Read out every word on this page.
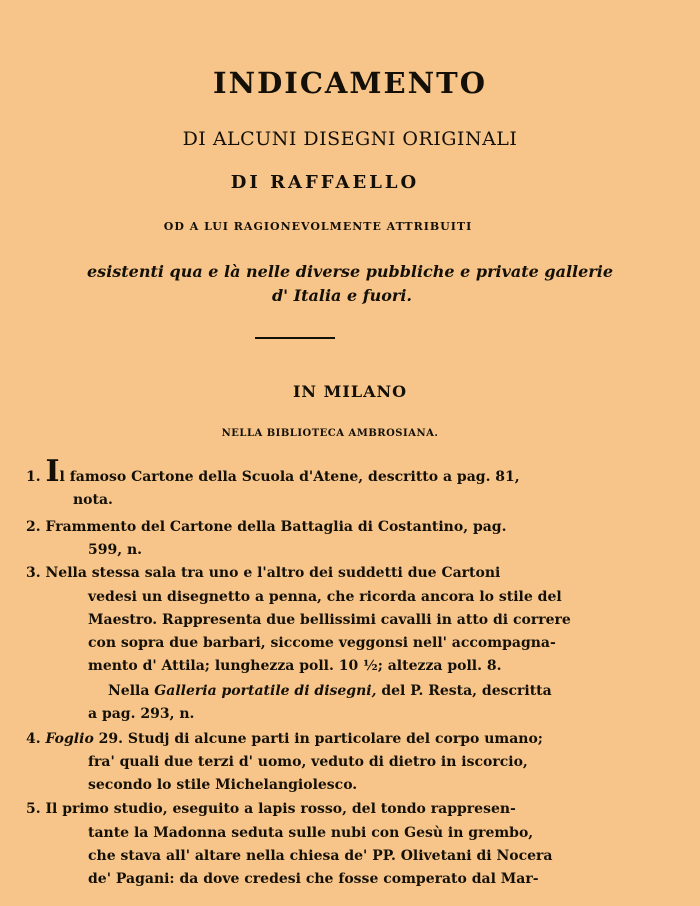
INDICAMENTO
DI ALCUNI DISEGNI ORIGINALI
DI RAFFAELLO
OD A LUI RAGIONEVOLMENTE ATTRIBUITI
esistenti qua e là nelle diverse pubbliche e private gallerie
d' Italia e fuori.
IN MILANO
NELLA BIBLIOTECA AMBROSIANA.
1. Il famoso Cartone della Scuola d'Atene, descritto a pag. 81,
nota.
2. Frammento del Cartone della Battaglia di Costantino, pag.
599, n.
3. Nella stessa sala tra uno e l'altro dei suddetti due Cartoni
vedesi un disegnetto a penna, che ricorda ancora lo stile del
Maestro. Rappresenta due bellissimi cavalli in atto di correre
con sopra due barbari, siccome veggonsi nell' accompagna-
mento d' Attila; lunghezza poll. 10 ½; altezza poll. 8.
Nella Galleria portatile di disegni, del P. Resta, descritta
a pag. 293, n.
4. Foglio 29. Studj di alcune parti in particolare del corpo umano;
fra' quali due terzi d' uomo, veduto di dietro in iscorcio,
secondo lo stile Michelangiolesco.
5. Il primo studio, eseguito a lapis rosso, del tondo rappresen-
tante la Madonna seduta sulle nubi con Gesù in grembo,
che stava all' altare nella chiesa de' PP. Olivetani di Nocera
de' Pagani: da dove credesi che fosse comperato dal Mar-
